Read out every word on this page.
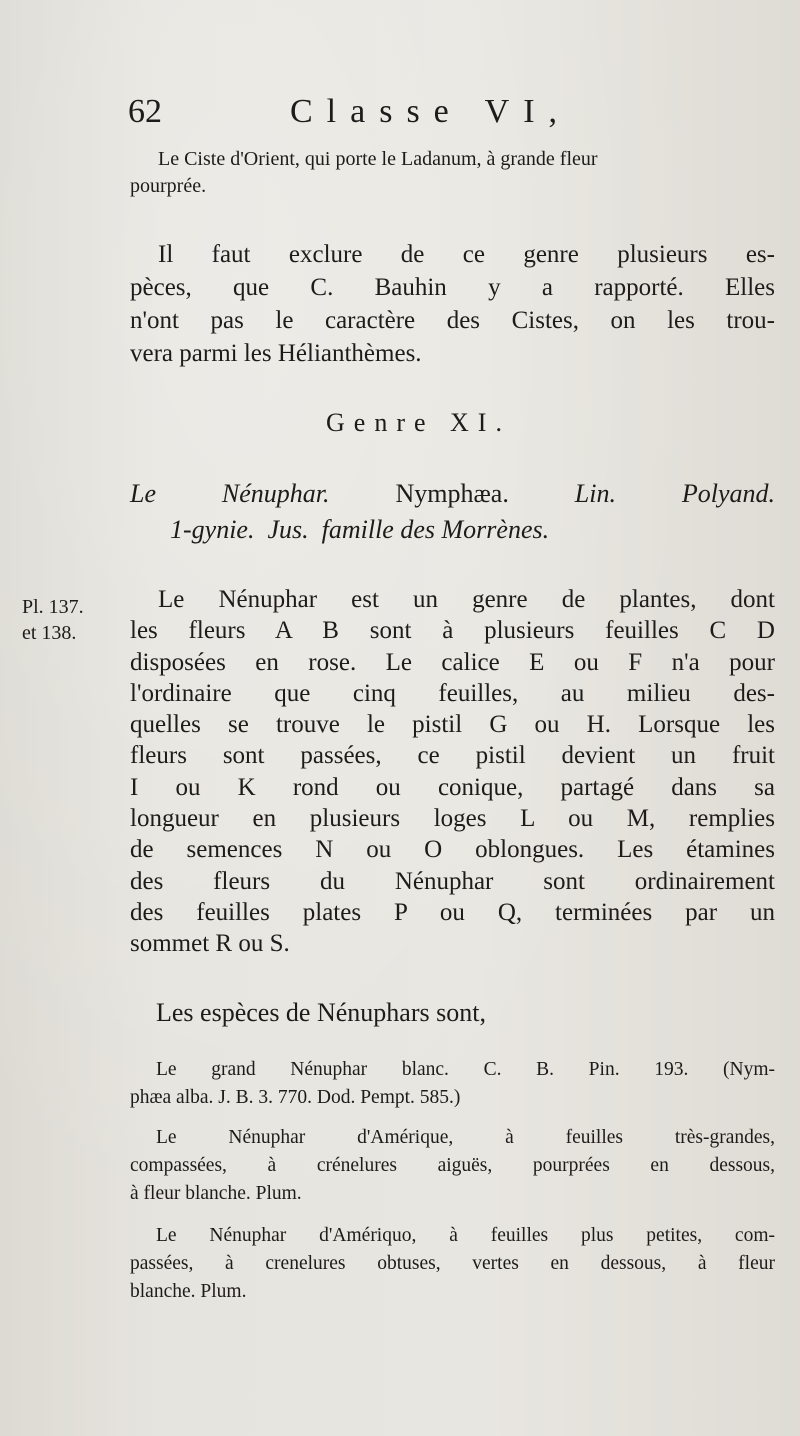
62	Classe VI,
Le Ciste d'Orient, qui porte le Ladanum, à grande fleur
pourprée.
Il faut exclure de ce genre plusieurs es-
pèces, que C. Bauhin y a rapporté. Elles
n'ont pas le caractère des Cistes, on les trou-
vera parmi les Hélianthèmes.
Genre XI.
Le Nénuphar.	Nymphæa.	Lin.	Polyand.
1-gynie. Jus. famille des Morrènes.
Pl. 137.
et 138.
Le Nénuphar est un genre de plantes, dont
les fleurs A B sont à plusieurs feuilles C D
disposées en rose. Le calice E ou F n'a pour
l'ordinaire que cinq feuilles, au milieu des-
quelles se trouve le pistil G ou H. Lorsque les
fleurs sont passées, ce pistil devient un fruit
I ou K rond ou conique, partagé dans sa
longueur en plusieurs loges L ou M, remplies
de semences N ou O oblongues. Les étamines
des fleurs du Nénuphar sont ordinairement
des feuilles plates P ou Q, terminées par un
sommet R ou S.
Les espèces de Nénuphars sont,
Le grand Nénuphar blanc. C. B. Pin. 193. (Nym-
phæa alba. J. B. 3. 770. Dod. Pempt. 585.)
Le Nénuphar d'Amérique, à feuilles très-grandes,
compassées, à crénelures aiguës, pourprées en dessous,
à fleur blanche. Plum.
Le Nénuphar d'Amériquo, à feuilles plus petites, com-
passées, à crenelures obtuses, vertes en dessous, à fleur
blanche. Plum.
